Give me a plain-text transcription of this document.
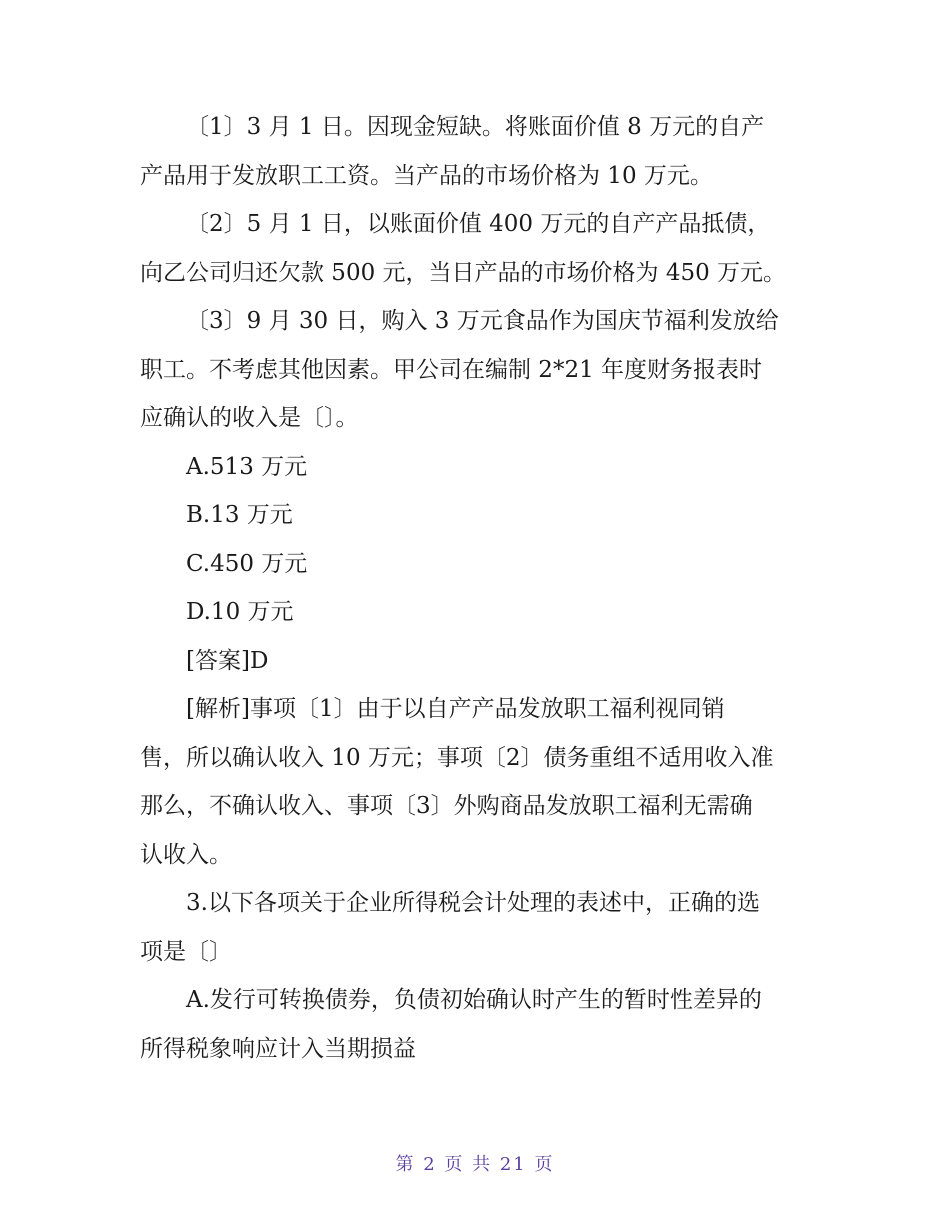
〔1〕3 月 1 日。因现金短缺。将账面价值 8 万元的自产
产品用于发放职工工资。当产品的市场价格为 10 万元。

〔2〕5 月 1 日，以账面价值 400 万元的自产产品抵债，
向乙公司归还欠款 500 元，当日产品的市场价格为 450 万元。

〔3〕9 月 30 日，购入 3 万元食品作为国庆节福利发放给
职工。不考虑其他因素。甲公司在编制 2*21 年度财务报表时
应确认的收入是〔〕。

A.513 万元

B.13 万元

C.450 万元

D.10 万元

[答案]D

[解析]事项〔1〕由于以自产产品发放职工福利视同销
售，所以确认收入 10 万元；事项〔2〕债务重组不适用收入准
那么，不确认收入、事项〔3〕外购商品发放职工福利无需确
认收入。

3.以下各项关于企业所得税会计处理的表述中，正确的选
项是〔〕

A.发行可转换债券，负债初始确认时产生的暂时性差异的
所得税象响应计入当期损益

第 2 页 共 21 页
